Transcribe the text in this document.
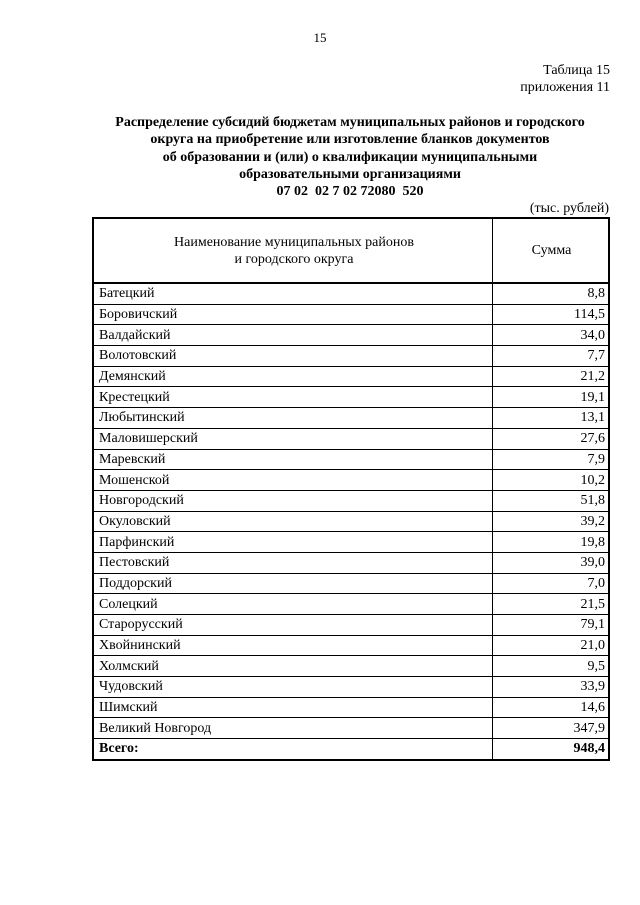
15
Таблица 15
приложения 11
Распределение субсидий бюджетам муниципальных районов и городского
округа на приобретение или изготовление бланков документов
об образовании и (или) о квалификации муниципальными
образовательными организациями
07 02  02 7 02 72080  520
(тыс. рублей)
Наименование муниципальных районов
и городского округа	Сумма
Батецкий	8,8
Боровичский	114,5
Валдайский	34,0
Волотовский	7,7
Демянский	21,2
Крестецкий	19,1
Любытинский	13,1
Маловишерский	27,6
Маревский	7,9
Мошенской	10,2
Новгородский	51,8
Окуловский	39,2
Парфинский	19,8
Пестовский	39,0
Поддорский	7,0
Солецкий	21,5
Старорусский	79,1
Хвойнинский	21,0
Холмский	9,5
Чудовский	33,9
Шимский	14,6
Великий Новгород	347,9
Всего:	948,4
